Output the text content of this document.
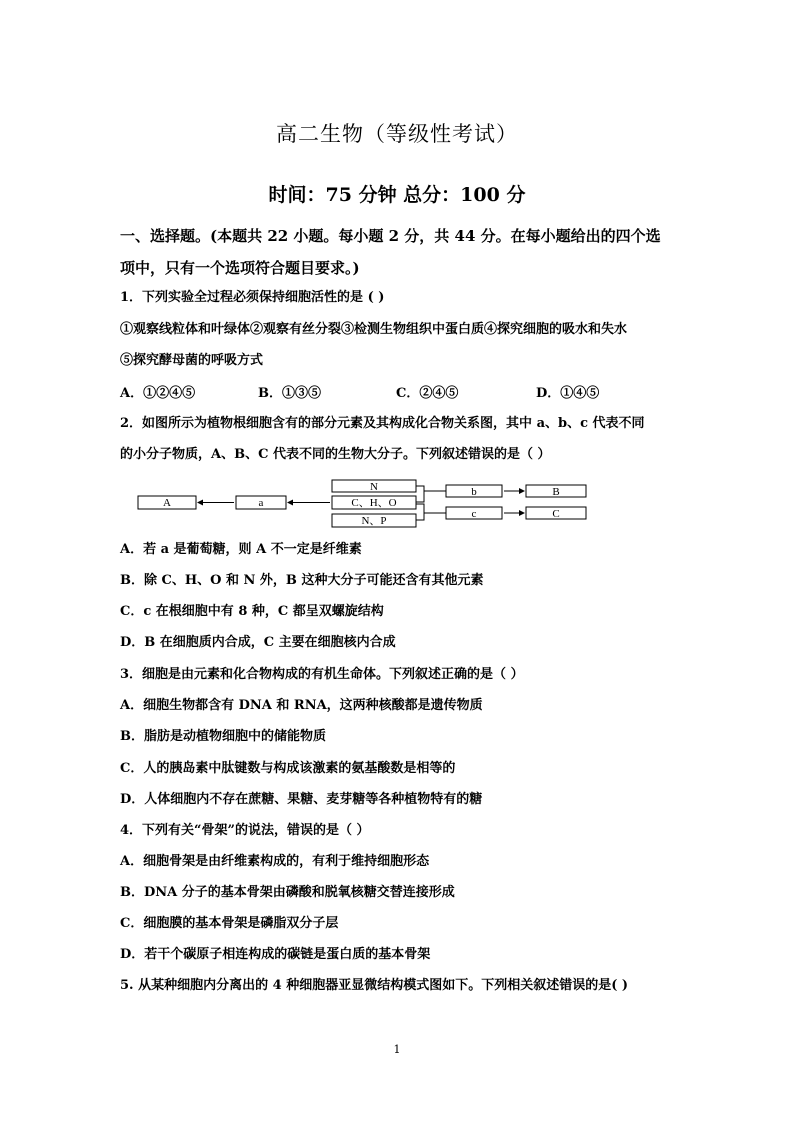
高二生物（等级性考试）
时间：75 分钟 总分：100 分
一、选择题。(本题共 22 小题。每小题 2 分，共 44 分。在每小题给出的四个选
项中，只有一个选项符合题目要求。)
1．下列实验全过程必须保持细胞活性的是 ( )
①观察线粒体和叶绿体②观察有丝分裂③检测生物组织中蛋白质④探究细胞的吸水和失水
⑤探究酵母菌的呼吸方式
A．①②④⑤	B．①③⑤	C．②④⑤	D．①④⑤
2．如图所示为植物根细胞含有的部分元素及其构成化合物关系图，其中 a、b、c 代表不同
的小分子物质，A、B、C 代表不同的生物大分子。下列叙述错误的是（ ）
A	a
N
C、H、O
N、P
b	B
c	C
A．若 a 是葡萄糖，则 A 不一定是纤维素
B．除 C、H、O 和 N 外，B 这种大分子可能还含有其他元素
C．c 在根细胞中有 8 种，C 都呈双螺旋结构
D．B 在细胞质内合成，C 主要在细胞核内合成
3．细胞是由元素和化合物构成的有机生命体。下列叙述正确的是（ ）
A．细胞生物都含有 DNA 和 RNA，这两种核酸都是遗传物质
B．脂肪是动植物细胞中的储能物质
C．人的胰岛素中肽键数与构成该激素的氨基酸数是相等的
D．人体细胞内不存在蔗糖、果糖、麦芽糖等各种植物特有的糖
4．下列有关“骨架”的说法，错误的是（ ）
A．细胞骨架是由纤维素构成的，有利于维持细胞形态
B．DNA 分子的基本骨架由磷酸和脱氧核糖交替连接形成
C．细胞膜的基本骨架是磷脂双分子层
D．若干个碳原子相连构成的碳链是蛋白质的基本骨架
5. 从某种细胞内分离出的 4 种细胞器亚显微结构模式图如下。下列相关叙述错误的是( )
1
